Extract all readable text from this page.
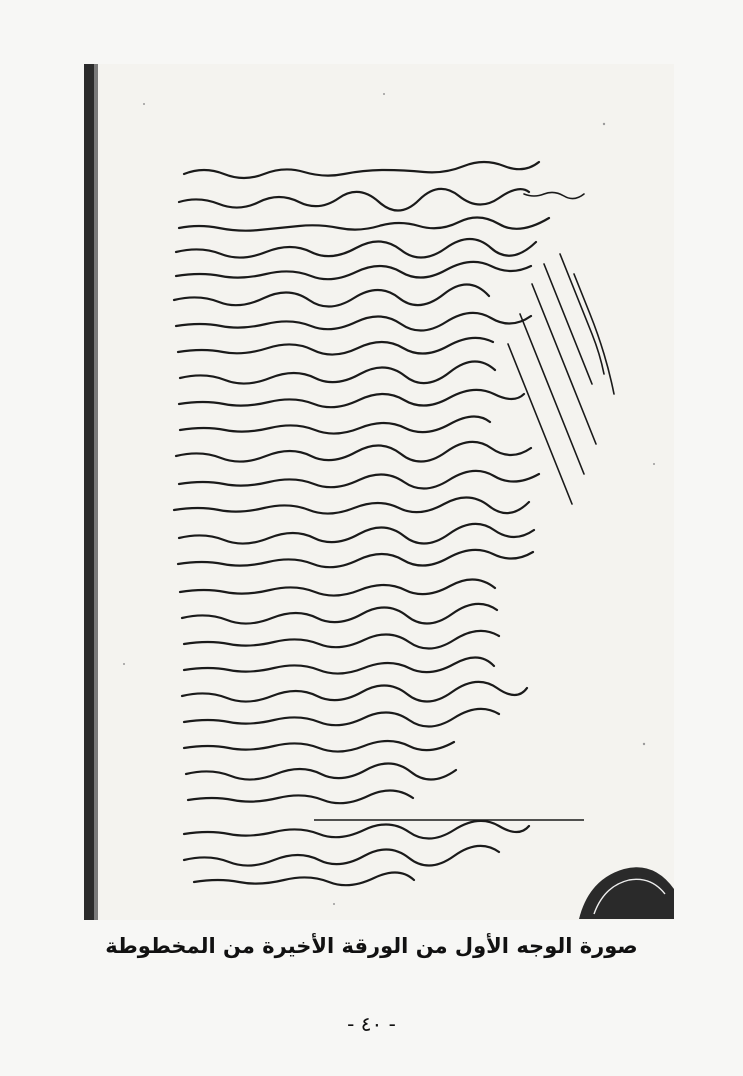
صورة الوجه الأول من الورقة الأخيرة من المخطوطة
- ٤٠ -
